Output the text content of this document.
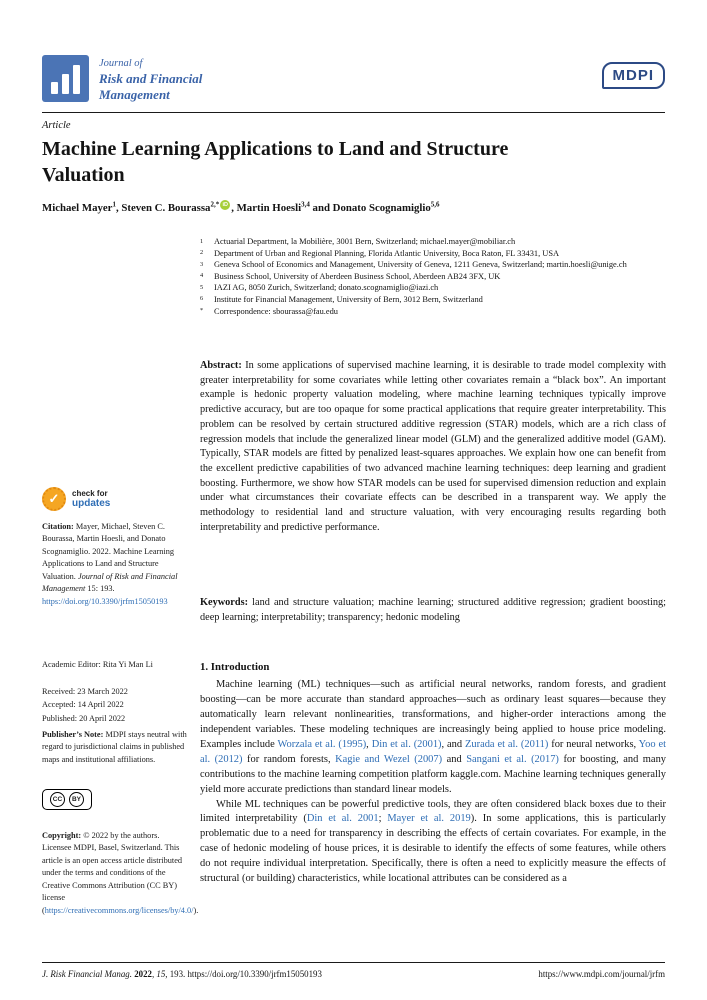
Journal of
Risk and Financial
Management
MDPI
Article
Machine Learning Applications to Land and Structure Valuation
Michael Mayer$^1$, Steven C. Bourassa$^{2,*}$ iD , Martin Hoesli$^{3,4}$ and Donato Scognamiglio$^{5,6}$
1	Actuarial Department, la Mobilière, 3001 Bern, Switzerland; michael.mayer@mobiliar.ch
2	Department of Urban and Regional Planning, Florida Atlantic University, Boca Raton, FL 33431, USA
3	Geneva School of Economics and Management, University of Geneva, 1211 Geneva, Switzerland; martin.hoesli@unige.ch
4	Business School, University of Aberdeen Business School, Aberdeen AB24 3FX, UK
5	IAZI AG, 8050 Zurich, Switzerland; donato.scognamiglio@iazi.ch
6	Institute for Financial Management, University of Bern, 3012 Bern, Switzerland
*	Correspondence: sbourassa@fau.edu

Abstract: In some applications of supervised machine learning, it is desirable to trade model complexity with greater interpretability for some covariates while letting other covariates remain a “black box”. An important example is hedonic property valuation modeling, where machine learning techniques typically improve predictive accuracy, but are too opaque for some practical applications that require greater interpretability. This problem can be resolved by certain structured additive regression (STAR) models, which are a rich class of regression models that include the generalized linear model (GLM) and the generalized additive model (GAM). Typically, STAR models are fitted by penalized least-squares approaches. We explain how one can benefit from the excellent predictive capabilities of two advanced machine learning techniques: deep learning and gradient boosting. Furthermore, we show how STAR models can be used for supervised dimension reduction and explain under what circumstances their covariate effects can be described in a transparent way. We apply the methodology to residential land and structure valuation, with very encouraging results regarding both interpretability and predictive performance.

Keywords: land and structure valuation; machine learning; structured additive regression; gradient boosting; deep learning; interpretability; transparency; hedonic modeling

✓	check for
updates

Citation: Mayer, Michael, Steven C. Bourassa, Martin Hoesli, and Donato Scognamiglio. 2022. Machine Learning Applications to Land and Structure Valuation. Journal of Risk and Financial Management 15: 193. https://doi.org/10.3390/jrfm15050193

Academic Editor: Rita Yi Man Li

Received: 23 March 2022
Accepted: 14 April 2022
Published: 20 April 2022

Publisher’s Note: MDPI stays neutral with regard to jurisdictional claims in published maps and institutional affiliations.

CC	BY

Copyright: © 2022 by the authors. Licensee MDPI, Basel, Switzerland. This article is an open access article distributed under the terms and conditions of the Creative Commons Attribution (CC BY) license (https://creativecommons.org/licenses/by/4.0/).

1. Introduction

Machine learning (ML) techniques—such as artificial neural networks, random forests, and gradient boosting—can be more accurate than standard approaches—such as ordinary least squares—because they automatically learn relevant nonlinearities, transformations, and higher-order interactions among the independent variables. These modeling techniques are increasingly being applied to house price modeling. Examples include Worzala et al. (1995), Din et al. (2001), and Zurada et al. (2011) for neural networks, Yoo et al. (2012) for random forests, Kagie and Wezel (2007) and Sangani et al. (2017) for boosting, and many contributions to the machine learning competition platform kaggle.com. Machine learning techniques generally yield more accurate predictions than standard linear models.

While ML techniques can be powerful predictive tools, they are often considered black boxes due to their limited interpretability (Din et al. 2001; Mayer et al. 2019). In some applications, this is particularly problematic due to a need for transparency in describing the effects of certain covariates. For example, in the case of hedonic modeling of house prices, it is desirable to identify the effects of some features, while others do not require individual interpretation. Specifically, there is often a need to explicitly measure the effects of structural (or building) characteristics, while locational attributes can be considered as a

J. Risk Financial Manag. 2022, 15, 193. https://doi.org/10.3390/jrfm15050193	https://www.mdpi.com/journal/jrfm
